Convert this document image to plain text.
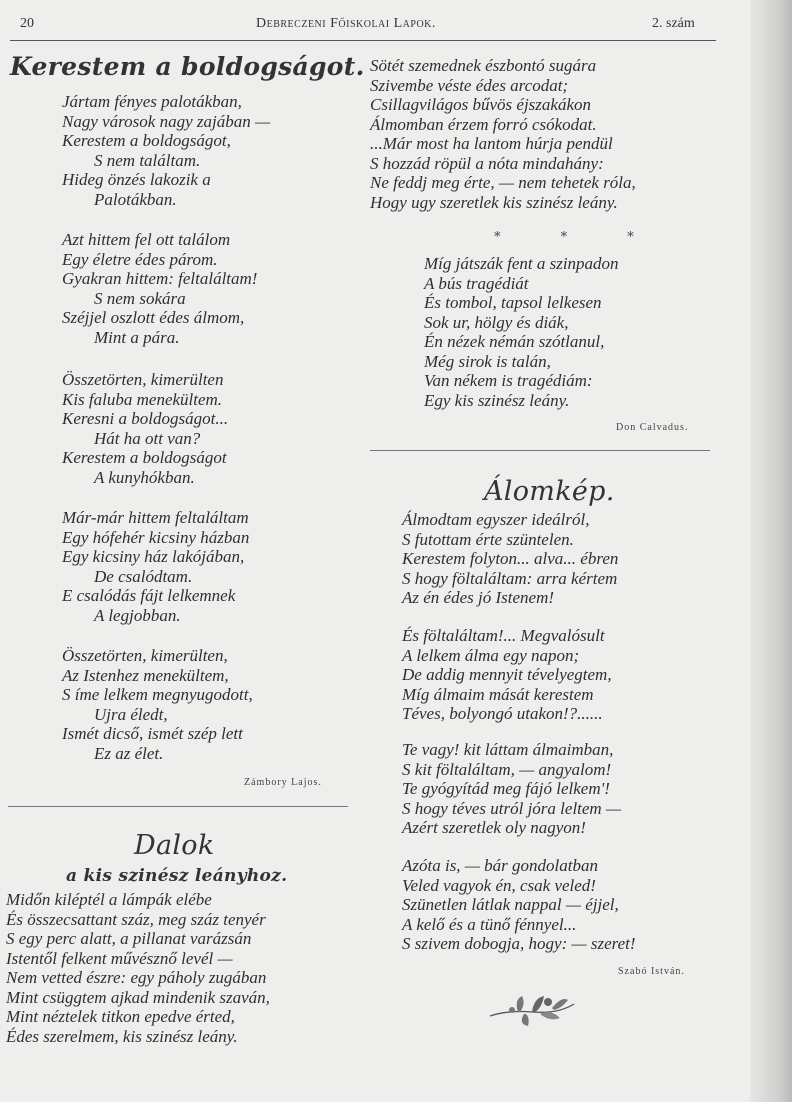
20	Debreczeni Főiskolai Lapok.	2. szám
Kerestem a boldogságot.
Jártam fényes palotákban,
Nagy városok nagy zajában —
Kerestem a boldogságot,
S nem találtam.
Hideg önzés lakozik a
Palotákban.
Azt hittem fel ott találom
Egy életre édes párom.
Gyakran hittem: feltaláltam!
S nem sokára
Széjjel oszlott édes álmom,
Mint a pára.
Összetörten, kimerülten
Kis faluba menekültem.
Keresni a boldogságot...
Hát ha ott van?
Kerestem a boldogságot
A kunyhókban.
Már-már hittem feltaláltam
Egy hófehér kicsiny házban
Egy kicsiny ház lakójában,
De csalódtam.
E csalódás fájt lelkemnek
A legjobban.
Összetörten, kimerülten,
Az Istenhez menekültem,
S íme lelkem megnyugodott,
Ujra éledt,
Ismét dicső, ismét szép lett
Ez az élet.
Zámbory Lajos.
Dalok
a kis szinész leányhoz.
Midőn kiléptél a lámpák elébe
És összecsattant száz, meg száz tenyér
S egy perc alatt, a pillanat varázsán
Istentől felkent művésznő levél —
Nem vetted észre: egy páholy zugában
Mint csüggtem ajkad mindenik szaván,
Mint néztelek titkon epedve érted,
Édes szerelmem, kis szinész leány.
Sötét szemednek észbontó sugára
Szivembe véste édes arcodat;
Csillagvilágos bűvös éjszakákon
Álmomban érzem forró csókodat.
...Már most ha lantom húrja pendül
S hozzád röpül a nóta mindahány:
Ne feddj meg érte, — nem tehetek róla,
Hogy ugy szeretlek kis szinész leány.
* * *
Míg játszák fent a szinpadon
A bús tragédiát
És tombol, tapsol lelkesen
Sok ur, hölgy és diák,
Én nézek némán szótlanul,
Még sirok is talán,
Van nékem is tragédiám:
Egy kis szinész leány.
Don Calvadus.
Álomkép.
Álmodtam egyszer ideálról,
S futottam érte szüntelen.
Kerestem folyton... alva... ébren
S hogy föltaláltam: arra kértem
Az én édes jó Istenem!
És föltaláltam!... Megvalósult
A lelkem álma egy napon;
De addig mennyit tévelyegtem,
Míg álmaim mását kerestem
Téves, bolyongó utakon!?......
Te vagy! kit láttam álmaimban,
S kit föltaláltam, — angyalom!
Te gyógyítád meg fájó lelkem'!
S hogy téves utról jóra leltem —
Azért szeretlek oly nagyon!
Azóta is, — bár gondolatban
Veled vagyok én, csak veled!
Szünetlen látlak nappal — éjjel,
A kelő és a tünő fénnyel...
S szivem dobogja, hogy: — szeret!
Szabó István.
